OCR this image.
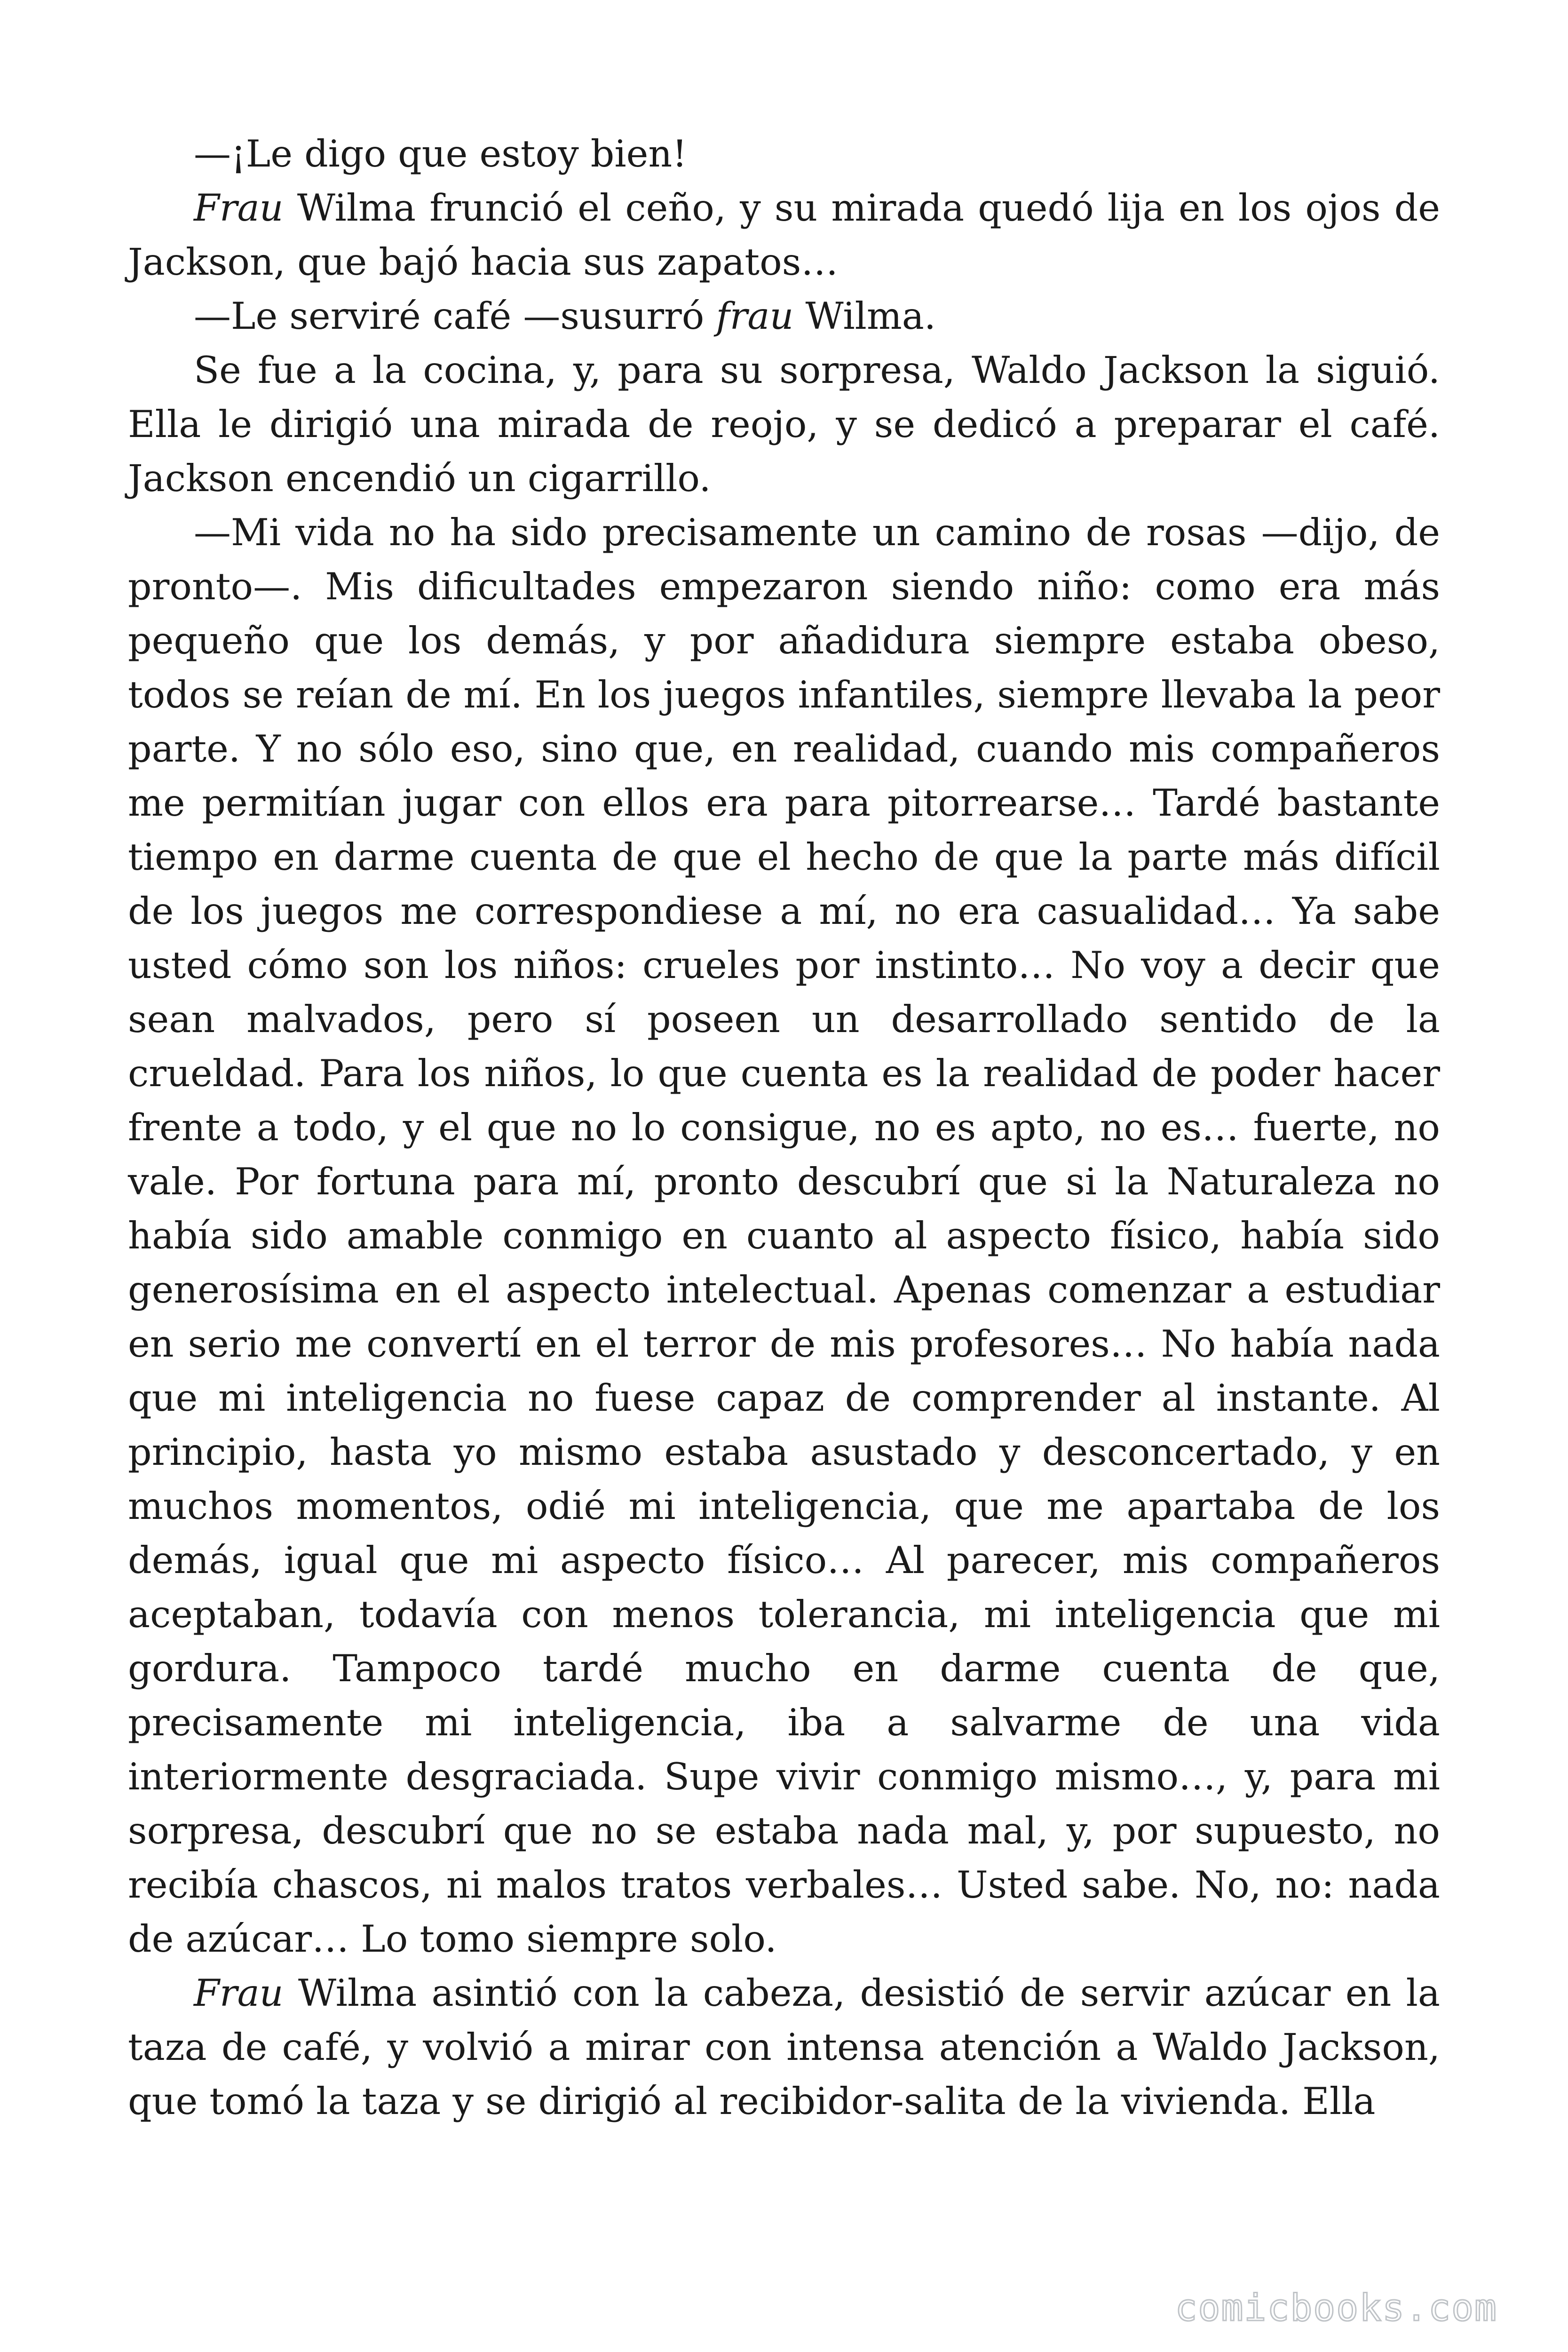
—¡Le digo que estoy bien!

Frau Wilma frunció el ceño, y su mirada quedó lija en los ojos de Jackson, que bajó hacia sus zapatos…

—Le serviré café —susurró frau Wilma.

Se fue a la cocina, y, para su sorpresa, Waldo Jackson la siguió. Ella le dirigió una mirada de reojo, y se dedicó a preparar el café. Jackson encendió un cigarrillo.

—Mi vida no ha sido precisamente un camino de rosas —dijo, de pronto—. Mis dificultades empezaron siendo niño: como era más pequeño que los demás, y por añadidura siempre estaba obeso, todos se reían de mí. En los juegos infantiles, siempre llevaba la peor parte. Y no sólo eso, sino que, en realidad, cuando mis compañeros me permitían jugar con ellos era para pitorrearse… Tardé bastante tiempo en darme cuenta de que el hecho de que la parte más difícil de los juegos me correspondiese a mí, no era casualidad… Ya sabe usted cómo son los niños: crueles por instinto… No voy a decir que sean malvados, pero sí poseen un desarrollado sentido de la crueldad. Para los niños, lo que cuenta es la realidad de poder hacer frente a todo, y el que no lo consigue, no es apto, no es… fuerte, no vale. Por fortuna para mí, pronto descubrí que si la Naturaleza no había sido amable conmigo en cuanto al aspecto físico, había sido generosísima en el aspecto intelectual. Apenas comenzar a estudiar en serio me convertí en el terror de mis profesores… No había nada que mi inteligencia no fuese capaz de comprender al instante. Al principio, hasta yo mismo estaba asustado y desconcertado, y en muchos momentos, odié mi inteligencia, que me apartaba de los demás, igual que mi aspecto físico… Al parecer, mis compañeros aceptaban, todavía con menos tolerancia, mi inteligencia que mi gordura. Tampoco tardé mucho en darme cuenta de que, precisamente mi inteligencia, iba a salvarme de una vida interiormente desgraciada. Supe vivir conmigo mismo…, y, para mi sorpresa, descubrí que no se estaba nada mal, y, por supuesto, no recibía chascos, ni malos tratos verbales… Usted sabe. No, no: nada de azúcar… Lo tomo siempre solo.

Frau Wilma asintió con la cabeza, desistió de servir azúcar en la taza de café, y volvió a mirar con intensa atención a Waldo Jackson, que tomó la taza y se dirigió al recibidor-salita de la vivienda. Ella

comicbooks.com
